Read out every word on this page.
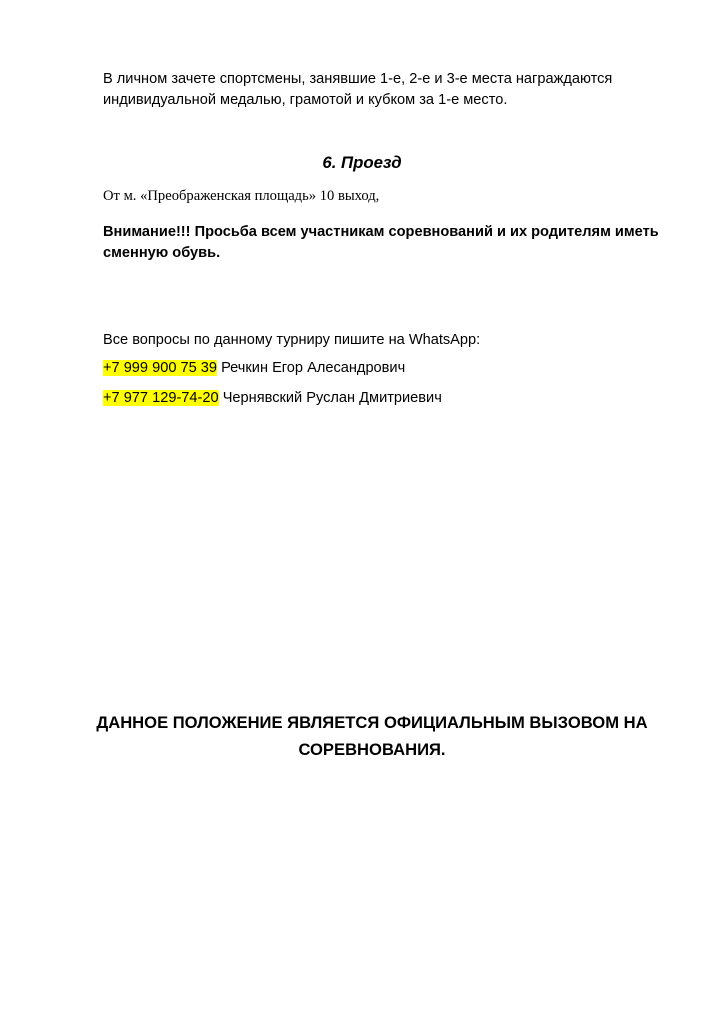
В личном зачете спортсмены, занявшие 1-е, 2-е и 3-е места награждаются индивидуальной медалью, грамотой и кубком за 1-е место.

6. Проезд

От м. «Преображенская площадь» 10 выход,

Внимание!!! Просьба всем участникам соревнований и их родителям иметь сменную обувь.

Все вопросы по данному турниру пишите на WhatsApp:

+7 999 900 75 39 Речкин Егор Алесандрович

+7 977 129-74-20 Чернявский Руслан Дмитриевич

ДАННОЕ ПОЛОЖЕНИЕ ЯВЛЯЕТСЯ ОФИЦИАЛЬНЫМ ВЫЗОВОМ НА СОРЕВНОВАНИЯ.
